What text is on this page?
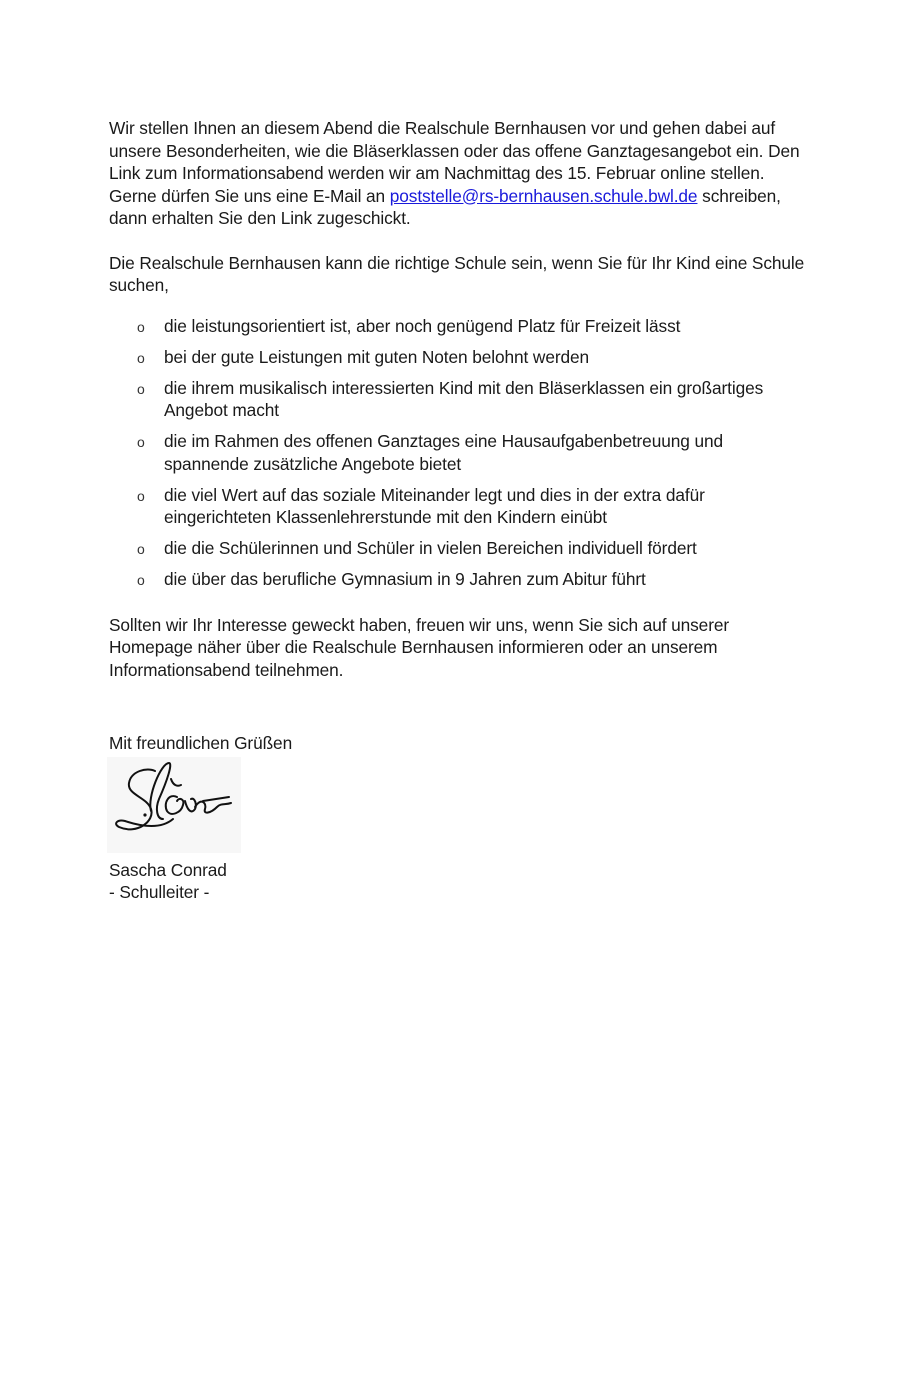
Wir stellen Ihnen an diesem Abend die Realschule Bernhausen vor und gehen dabei auf unsere Besonderheiten, wie die Bläserklassen oder das offene Ganztagesangebot ein. Den Link zum Informationsabend werden wir am Nachmittag des 15. Februar online stellen. Gerne dürfen Sie uns eine E-Mail an poststelle@rs-bernhausen.schule.bwl.de schreiben, dann erhalten Sie den Link zugeschickt.

Die Realschule Bernhausen kann die richtige Schule sein, wenn Sie für Ihr Kind eine Schule suchen,

o die leistungsorientiert ist, aber noch genügend Platz für Freizeit lässt
o bei der gute Leistungen mit guten Noten belohnt werden
o die ihrem musikalisch interessierten Kind mit den Bläserklassen ein großartiges Angebot macht
o die im Rahmen des offenen Ganztages eine Hausaufgabenbetreuung und spannende zusätzliche Angebote bietet
o die viel Wert auf das soziale Miteinander legt und dies in der extra dafür eingerichteten Klassenlehrerstunde mit den Kindern einübt
o die die Schülerinnen und Schüler in vielen Bereichen individuell fördert
o die über das berufliche Gymnasium in 9 Jahren zum Abitur führt

Sollten wir Ihr Interesse geweckt haben, freuen wir uns, wenn Sie sich auf unserer Homepage näher über die Realschule Bernhausen informieren oder an unserem Informationsabend teilnehmen.

Mit freundlichen Grüßen

Sascha Conrad

- Schulleiter -
